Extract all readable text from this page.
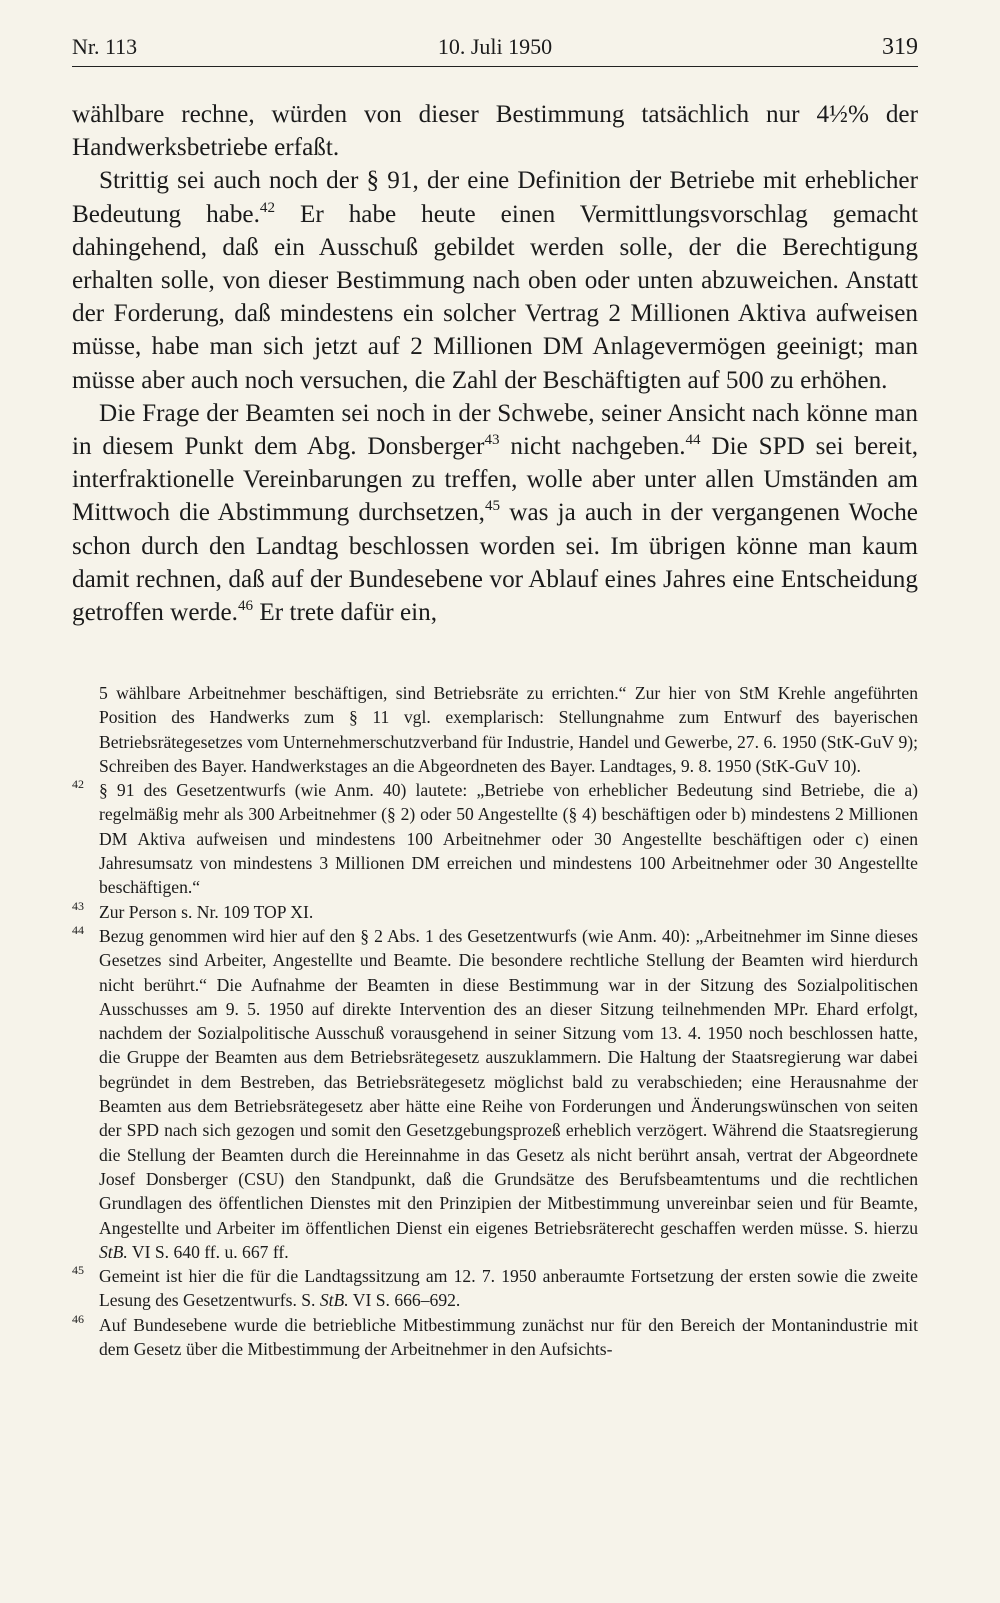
Nr. 113	10. Juli 1950	319

wählbare rechne, würden von dieser Bestimmung tatsächlich nur 4½% der Handwerksbetriebe erfaßt.

Strittig sei auch noch der § 91, der eine Definition der Betriebe mit erheblicher Bedeutung habe.$^{42}$ Er habe heute einen Vermittlungsvorschlag gemacht dahingehend, daß ein Ausschuß gebildet werden solle, der die Berechtigung erhalten solle, von dieser Bestimmung nach oben oder unten abzuweichen. Anstatt der Forderung, daß mindestens ein solcher Vertrag 2 Millionen Aktiva aufweisen müsse, habe man sich jetzt auf 2 Millionen DM Anlagevermögen geeinigt; man müsse aber auch noch versuchen, die Zahl der Beschäftigten auf 500 zu erhöhen.

Die Frage der Beamten sei noch in der Schwebe, seiner Ansicht nach könne man in diesem Punkt dem Abg. Donsberger$^{43}$ nicht nachgeben.$^{44}$ Die SPD sei bereit, interfraktionelle Vereinbarungen zu treffen, wolle aber unter allen Umständen am Mittwoch die Abstimmung durchsetzen,$^{45}$ was ja auch in der vergangenen Woche schon durch den Landtag beschlossen worden sei. Im übrigen könne man kaum damit rechnen, daß auf der Bundesebene vor Ablauf eines Jahres eine Entscheidung getroffen werde.$^{46}$ Er trete dafür ein,

5 wählbare Arbeitnehmer beschäftigen, sind Betriebsräte zu errichten.“ Zur hier von StM Krehle angeführten Position des Handwerks zum § 11 vgl. exemplarisch: Stellungnahme zum Entwurf des bayerischen Betriebsrätegesetzes vom Unternehmerschutzverband für Industrie, Handel und Gewerbe, 27. 6. 1950 (StK-GuV 9); Schreiben des Bayer. Handwerkstages an die Abgeordneten des Bayer. Landtages, 9. 8. 1950 (StK-GuV 10).

42 § 91 des Gesetzentwurfs (wie Anm. 40) lautete: „Betriebe von erheblicher Bedeutung sind Betriebe, die a) regelmäßig mehr als 300 Arbeitnehmer (§ 2) oder 50 Angestellte (§ 4) beschäftigen oder b) mindestens 2 Millionen DM Aktiva aufweisen und mindestens 100 Arbeitnehmer oder 30 Angestellte beschäftigen oder c) einen Jahresumsatz von mindestens 3 Millionen DM erreichen und mindestens 100 Arbeitnehmer oder 30 Angestellte beschäftigen.“

43 Zur Person s. Nr. 109 TOP XI.

44 Bezug genommen wird hier auf den § 2 Abs. 1 des Gesetzentwurfs (wie Anm. 40): „Arbeitnehmer im Sinne dieses Gesetzes sind Arbeiter, Angestellte und Beamte. Die besondere rechtliche Stellung der Beamten wird hierdurch nicht berührt.“ Die Aufnahme der Beamten in diese Bestimmung war in der Sitzung des Sozialpolitischen Ausschusses am 9. 5. 1950 auf direkte Intervention des an dieser Sitzung teilnehmenden MPr. Ehard erfolgt, nachdem der Sozialpolitische Ausschuß vorausgehend in seiner Sitzung vom 13. 4. 1950 noch beschlossen hatte, die Gruppe der Beamten aus dem Betriebsrätegesetz auszuklammern. Die Haltung der Staatsregierung war dabei begründet in dem Bestreben, das Betriebsrätegesetz möglichst bald zu verabschieden; eine Herausnahme der Beamten aus dem Betriebsrätegesetz aber hätte eine Reihe von Forderungen und Änderungswünschen von seiten der SPD nach sich gezogen und somit den Gesetzgebungsprozeß erheblich verzögert. Während die Staatsregierung die Stellung der Beamten durch die Hereinnahme in das Gesetz als nicht berührt ansah, vertrat der Abgeordnete Josef Donsberger (CSU) den Standpunkt, daß die Grundsätze des Berufsbeamtentums und die rechtlichen Grundlagen des öffentlichen Dienstes mit den Prinzipien der Mitbestimmung unvereinbar seien und für Beamte, Angestellte und Arbeiter im öffentlichen Dienst ein eigenes Betriebsräterecht geschaffen werden müsse. S. hierzu StB. VI S. 640 ff. u. 667 ff.

45 Gemeint ist hier die für die Landtagssitzung am 12. 7. 1950 anberaumte Fortsetzung der ersten sowie die zweite Lesung des Gesetzentwurfs. S. StB. VI S. 666–692.

46 Auf Bundesebene wurde die betriebliche Mitbestimmung zunächst nur für den Bereich der Montanindustrie mit dem Gesetz über die Mitbestimmung der Arbeitnehmer in den Aufsichts-
